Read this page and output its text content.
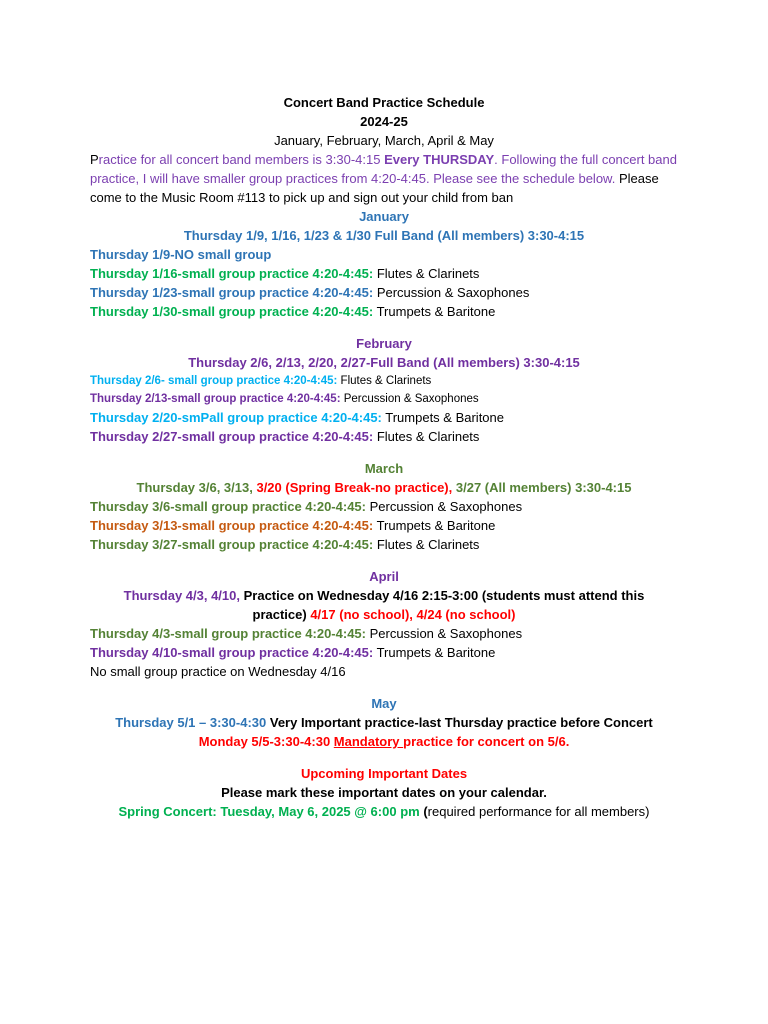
Concert Band Practice Schedule
2024-25
January, February, March, April & May
Practice for all concert band members is 3:30-4:15 Every THURSDAY. Following the full concert band practice, I will have smaller group practices from 4:20-4:45. Please see the schedule below. Please come to the Music Room #113 to pick up and sign out your child from ban
January
Thursday 1/9, 1/16, 1/23 & 1/30 Full Band (All members) 3:30-4:15
Thursday 1/9-NO small group
Thursday 1/16-small group practice 4:20-4:45: Flutes & Clarinets
Thursday 1/23-small group practice 4:20-4:45: Percussion & Saxophones
Thursday 1/30-small group practice 4:20-4:45: Trumpets & Baritone
February
Thursday 2/6, 2/13, 2/20, 2/27-Full Band (All members) 3:30-4:15
Thursday 2/6- small group practice 4:20-4:45: Flutes & Clarinets
Thursday 2/13-small group practice 4:20-4:45: Percussion & Saxophones
Thursday 2/20-smPall group practice 4:20-4:45: Trumpets & Baritone
Thursday 2/27-small group practice 4:20-4:45: Flutes & Clarinets
March
Thursday 3/6, 3/13, 3/20 (Spring Break-no practice), 3/27 (All members) 3:30-4:15
Thursday 3/6-small group practice 4:20-4:45: Percussion & Saxophones
Thursday 3/13-small group practice 4:20-4:45: Trumpets & Baritone
Thursday 3/27-small group practice 4:20-4:45: Flutes & Clarinets
April
Thursday 4/3, 4/10, Practice on Wednesday 4/16 2:15-3:00 (students must attend this
practice) 4/17 (no school), 4/24 (no school)
Thursday 4/3-small group practice 4:20-4:45: Percussion & Saxophones
Thursday 4/10-small group practice 4:20-4:45: Trumpets & Baritone
No small group practice on Wednesday 4/16
May
Thursday 5/1 – 3:30-4:30 Very Important practice-last Thursday practice before Concert
Monday 5/5-3:30-4:30 Mandatory practice for concert on 5/6.
Upcoming Important Dates
Please mark these important dates on your calendar.
Spring Concert: Tuesday, May 6, 2025 @ 6:00 pm (required performance for all members)
